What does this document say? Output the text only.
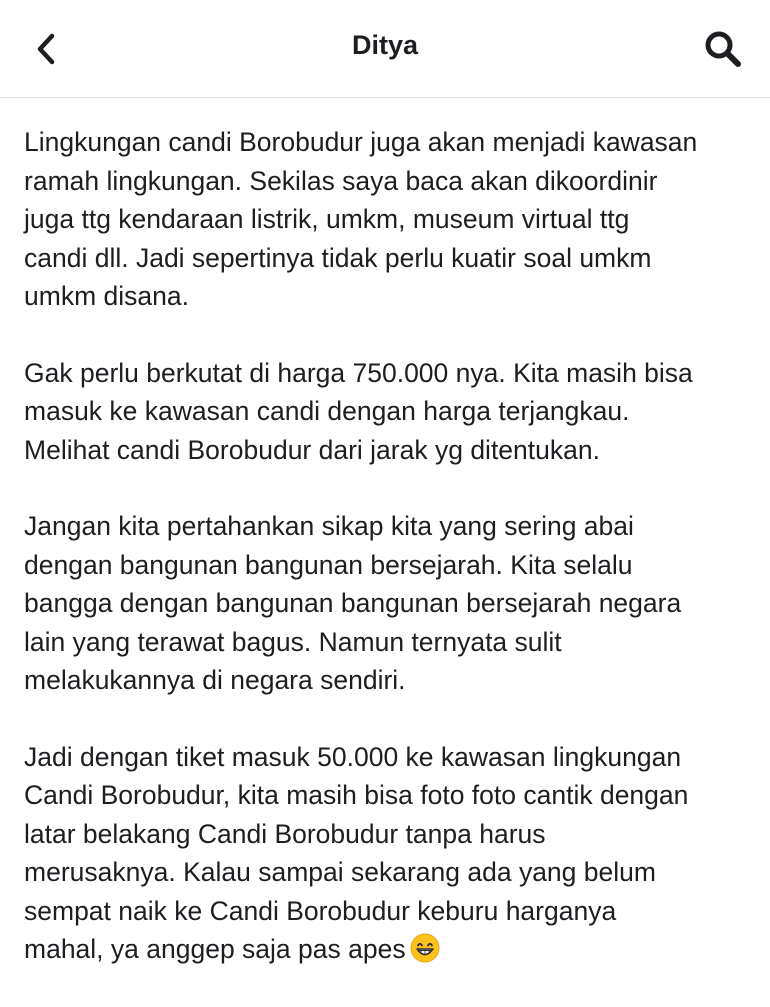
Ditya
Lingkungan candi Borobudur juga akan menjadi kawasan
ramah lingkungan. Sekilas saya baca akan dikoordinir
juga ttg kendaraan listrik, umkm, museum virtual ttg
candi dll. Jadi sepertinya tidak perlu kuatir soal umkm
umkm disana.
Gak perlu berkutat di harga 750.000 nya. Kita masih bisa
masuk ke kawasan candi dengan harga terjangkau.
Melihat candi Borobudur dari jarak yg ditentukan.
Jangan kita pertahankan sikap kita yang sering abai
dengan bangunan bangunan bersejarah. Kita selalu
bangga dengan bangunan bangunan bersejarah negara
lain yang terawat bagus. Namun ternyata sulit
melakukannya di negara sendiri.
Jadi dengan tiket masuk 50.000 ke kawasan lingkungan
Candi Borobudur, kita masih bisa foto foto cantik dengan
latar belakang Candi Borobudur tanpa harus
merusaknya. Kalau sampai sekarang ada yang belum
sempat naik ke Candi Borobudur keburu harganya
mahal, ya anggep saja pas apes
